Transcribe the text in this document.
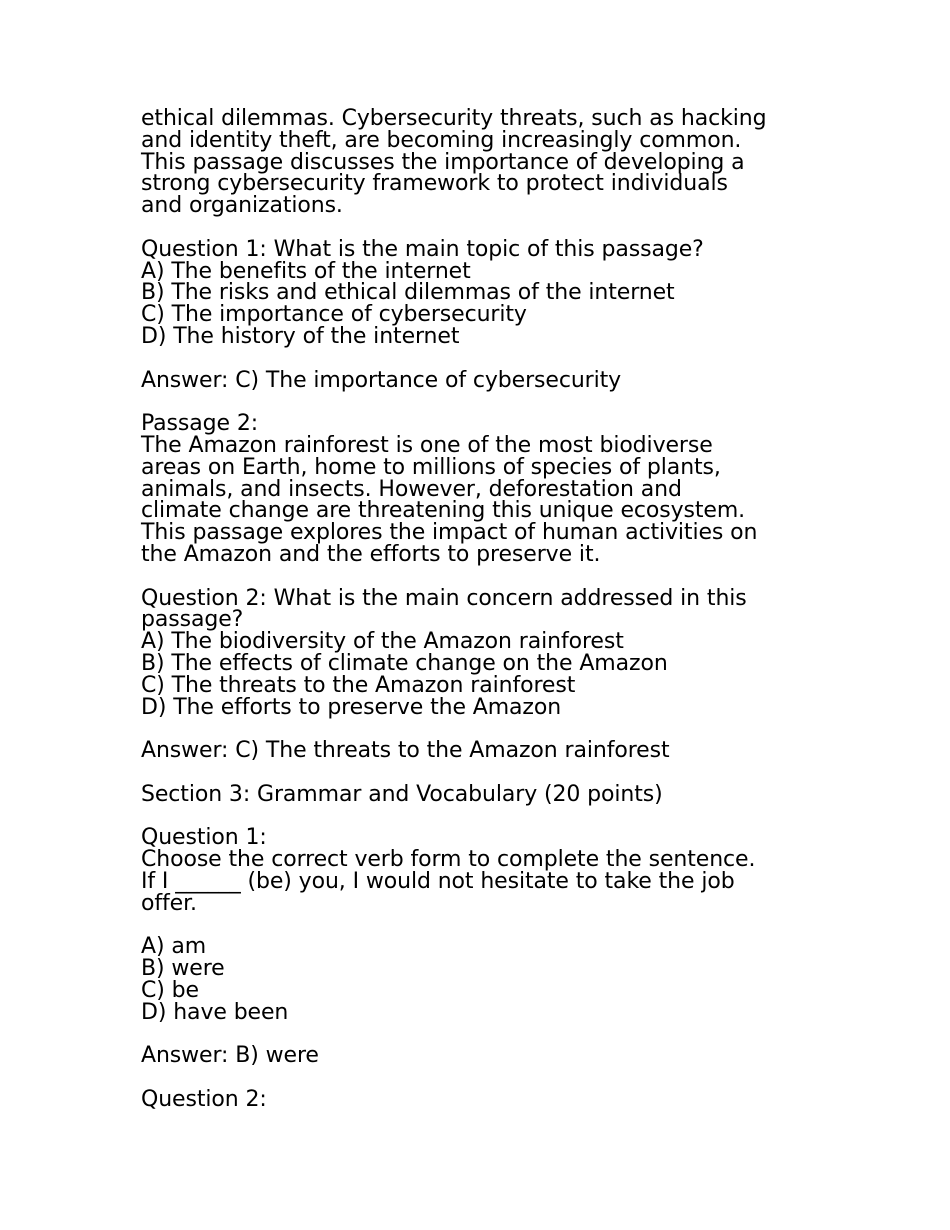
ethical dilemmas. Cybersecurity threats, such as hacking
and identity theft, are becoming increasingly common.
This passage discusses the importance of developing a
strong cybersecurity framework to protect individuals
and organizations.
Question 1: What is the main topic of this passage?
A) The benefits of the internet
B) The risks and ethical dilemmas of the internet
C) The importance of cybersecurity
D) The history of the internet
Answer: C) The importance of cybersecurity
Passage 2:
The Amazon rainforest is one of the most biodiverse
areas on Earth, home to millions of species of plants,
animals, and insects. However, deforestation and
climate change are threatening this unique ecosystem.
This passage explores the impact of human activities on
the Amazon and the efforts to preserve it.
Question 2: What is the main concern addressed in this
passage?
A) The biodiversity of the Amazon rainforest
B) The effects of climate change on the Amazon
C) The threats to the Amazon rainforest
D) The efforts to preserve the Amazon
Answer: C) The threats to the Amazon rainforest
Section 3: Grammar and Vocabulary (20 points)
Question 1:
Choose the correct verb form to complete the sentence.
If I ______ (be) you, I would not hesitate to take the job
offer.
A) am
B) were
C) be
D) have been
Answer: B) were
Question 2:
